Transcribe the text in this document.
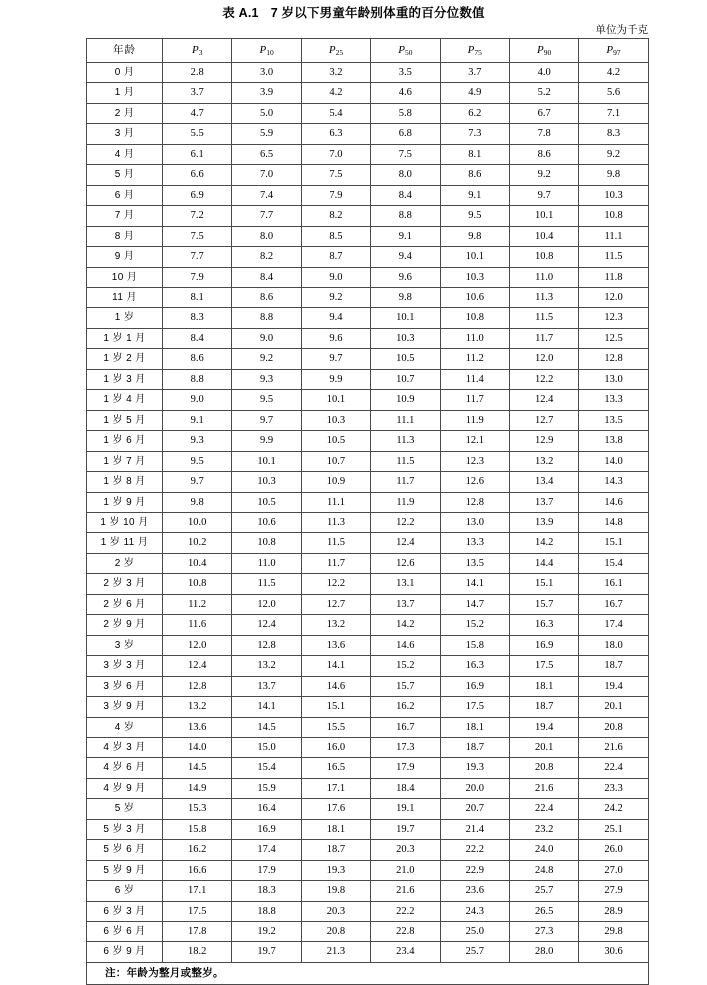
表 A.1 7 岁以下男童年龄别体重的百分位数值
单位为千克
年龄	$P_3$	$P_{10}$	$P_{25}$	$P_{50}$	$P_{75}$	$P_{90}$	$P_{97}$
0 月	2.8	3.0	3.2	3.5	3.7	4.0	4.2
1 月	3.7	3.9	4.2	4.6	4.9	5.2	5.6
2 月	4.7	5.0	5.4	5.8	6.2	6.7	7.1
3 月	5.5	5.9	6.3	6.8	7.3	7.8	8.3
4 月	6.1	6.5	7.0	7.5	8.1	8.6	9.2
5 月	6.6	7.0	7.5	8.0	8.6	9.2	9.8
6 月	6.9	7.4	7.9	8.4	9.1	9.7	10.3
7 月	7.2	7.7	8.2	8.8	9.5	10.1	10.8
8 月	7.5	8.0	8.5	9.1	9.8	10.4	11.1
9 月	7.7	8.2	8.7	9.4	10.1	10.8	11.5
10 月	7.9	8.4	9.0	9.6	10.3	11.0	11.8
11 月	8.1	8.6	9.2	9.8	10.6	11.3	12.0
1 岁	8.3	8.8	9.4	10.1	10.8	11.5	12.3
1 岁 1 月	8.4	9.0	9.6	10.3	11.0	11.7	12.5
1 岁 2 月	8.6	9.2	9.7	10.5	11.2	12.0	12.8
1 岁 3 月	8.8	9.3	9.9	10.7	11.4	12.2	13.0
1 岁 4 月	9.0	9.5	10.1	10.9	11.7	12.4	13.3
1 岁 5 月	9.1	9.7	10.3	11.1	11.9	12.7	13.5
1 岁 6 月	9.3	9.9	10.5	11.3	12.1	12.9	13.8
1 岁 7 月	9.5	10.1	10.7	11.5	12.3	13.2	14.0
1 岁 8 月	9.7	10.3	10.9	11.7	12.6	13.4	14.3
1 岁 9 月	9.8	10.5	11.1	11.9	12.8	13.7	14.6
1 岁 10 月	10.0	10.6	11.3	12.2	13.0	13.9	14.8
1 岁 11 月	10.2	10.8	11.5	12.4	13.3	14.2	15.1
2 岁	10.4	11.0	11.7	12.6	13.5	14.4	15.4
2 岁 3 月	10.8	11.5	12.2	13.1	14.1	15.1	16.1
2 岁 6 月	11.2	12.0	12.7	13.7	14.7	15.7	16.7
2 岁 9 月	11.6	12.4	13.2	14.2	15.2	16.3	17.4
3 岁	12.0	12.8	13.6	14.6	15.8	16.9	18.0
3 岁 3 月	12.4	13.2	14.1	15.2	16.3	17.5	18.7
3 岁 6 月	12.8	13.7	14.6	15.7	16.9	18.1	19.4
3 岁 9 月	13.2	14.1	15.1	16.2	17.5	18.7	20.1
4 岁	13.6	14.5	15.5	16.7	18.1	19.4	20.8
4 岁 3 月	14.0	15.0	16.0	17.3	18.7	20.1	21.6
4 岁 6 月	14.5	15.4	16.5	17.9	19.3	20.8	22.4
4 岁 9 月	14.9	15.9	17.1	18.4	20.0	21.6	23.3
5 岁	15.3	16.4	17.6	19.1	20.7	22.4	24.2
5 岁 3 月	15.8	16.9	18.1	19.7	21.4	23.2	25.1
5 岁 6 月	16.2	17.4	18.7	20.3	22.2	24.0	26.0
5 岁 9 月	16.6	17.9	19.3	21.0	22.9	24.8	27.0
6 岁	17.1	18.3	19.8	21.6	23.6	25.7	27.9
6 岁 3 月	17.5	18.8	20.3	22.2	24.3	26.5	28.9
6 岁 6 月	17.8	19.2	20.8	22.8	25.0	27.3	29.8
6 岁 9 月	18.2	19.7	21.3	23.4	25.7	28.0	30.6
注：年龄为整月或整岁。							
